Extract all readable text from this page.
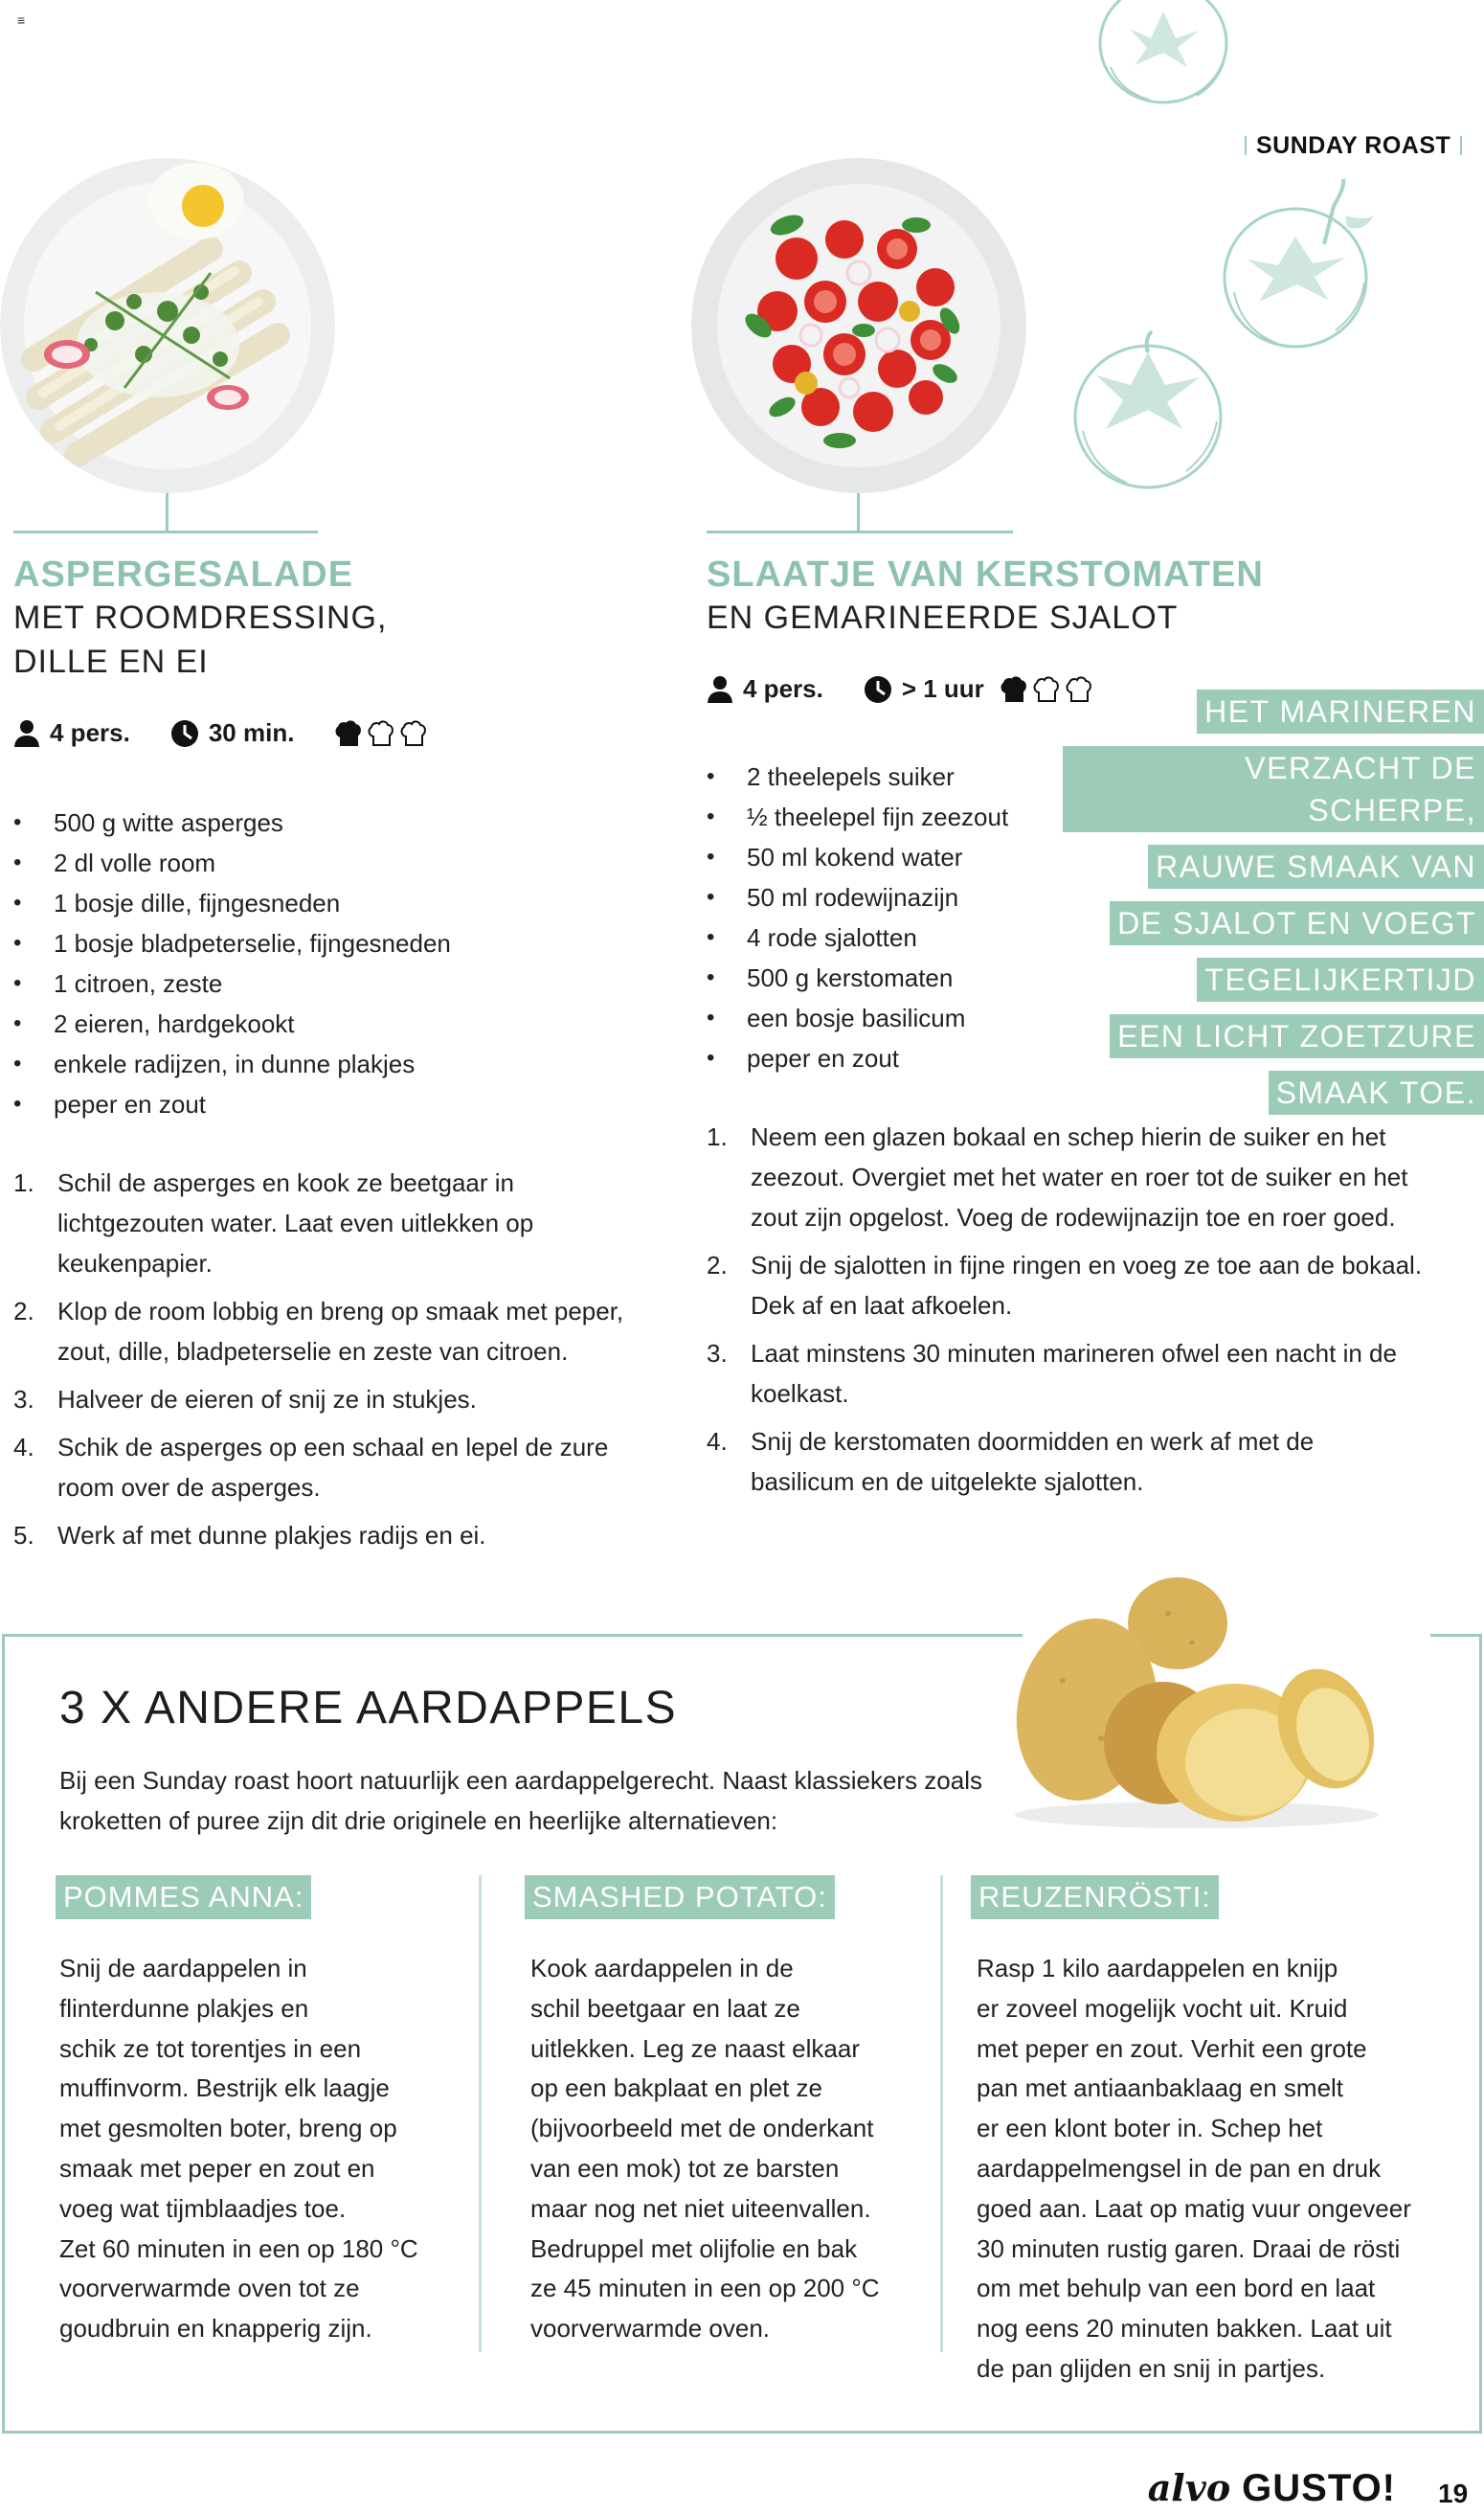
≡
SUNDAY ROAST
ASPERGESALADE
MET ROOMDRESSING,
DILLE EN EI
4 pers.	30 min.
• 500 g witte asperges
• 2 dl volle room
• 1 bosje dille, fijngesneden
• 1 bosje bladpeterselie, fijngesneden
• 1 citroen, zeste
• 2 eieren, hardgekookt
• enkele radijzen, in dunne plakjes
• peper en zout
1. Schil de asperges en kook ze beetgaar in lichtgezouten water. Laat even uitlekken op keukenpapier.
2. Klop de room lobbig en breng op smaak met peper, zout, dille, bladpeterselie en zeste van citroen.
3. Halveer de eieren of snij ze in stukjes.
4. Schik de asperges op een schaal en lepel de zure room over de asperges.
5. Werk af met dunne plakjes radijs en ei.
SLAATJE VAN KERSTOMATEN
EN GEMARINEERDE SJALOT
4 pers.	> 1 uur
• 2 theelepels suiker
• ½ theelepel fijn zeezout
• 50 ml kokend water
• 50 ml rodewijnazijn
• 4 rode sjalotten
• 500 g kerstomaten
• een bosje basilicum
• peper en zout
HET MARINEREN
VERZACHT DE SCHERPE,
RAUWE SMAAK VAN
DE SJALOT EN VOEGT
TEGELIJKERTIJD
EEN LICHT ZOETZURE
SMAAK TOE.
1. Neem een glazen bokaal en schep hierin de suiker en het zeezout. Overgiet met het water en roer tot de suiker en het zout zijn opgelost. Voeg de rodewijnazijn toe en roer goed.
2. Snij de sjalotten in fijne ringen en voeg ze toe aan de bokaal. Dek af en laat afkoelen.
3. Laat minstens 30 minuten marineren ofwel een nacht in de koelkast.
4. Snij de kerstomaten doormidden en werk af met de basilicum en de uitgelekte sjalotten.
3 X ANDERE AARDAPPELS
Bij een Sunday roast hoort natuurlijk een aardappelgerecht. Naast klassiekers zoals kroketten of puree zijn dit drie originele en heerlijke alternatieven:
POMMES ANNA:	SMASHED POTATO:	REUZENRÖSTI:
Snij de aardappelen in
flinterdunne plakjes en
schik ze tot torentjes in een
muffinvorm. Bestrijk elk laagje
met gesmolten boter, breng op
smaak met peper en zout en
voeg wat tijmblaadjes toe.
Zet 60 minuten in een op 180 °C
voorverwarmde oven tot ze
goudbruin en knapperig zijn.
Kook aardappelen in de
schil beetgaar en laat ze
uitlekken. Leg ze naast elkaar
op een bakplaat en plet ze
(bijvoorbeeld met de onderkant
van een mok) tot ze barsten
maar nog net niet uiteenvallen.
Bedruppel met olijfolie en bak
ze 45 minuten in een op 200 °C
voorverwarmde oven.
Rasp 1 kilo aardappelen en knijp
er zoveel mogelijk vocht uit. Kruid
met peper en zout. Verhit een grote
pan met antiaanbaklaag en smelt
er een klont boter in. Schep het
aardappelmengsel in de pan en druk
goed aan. Laat op matig vuur ongeveer
30 minuten rustig garen. Draai de rösti
om met behulp van een bord en laat
nog eens 20 minuten bakken. Laat uit
de pan glijden en snij in partjes.
alvo GUSTO! 19
